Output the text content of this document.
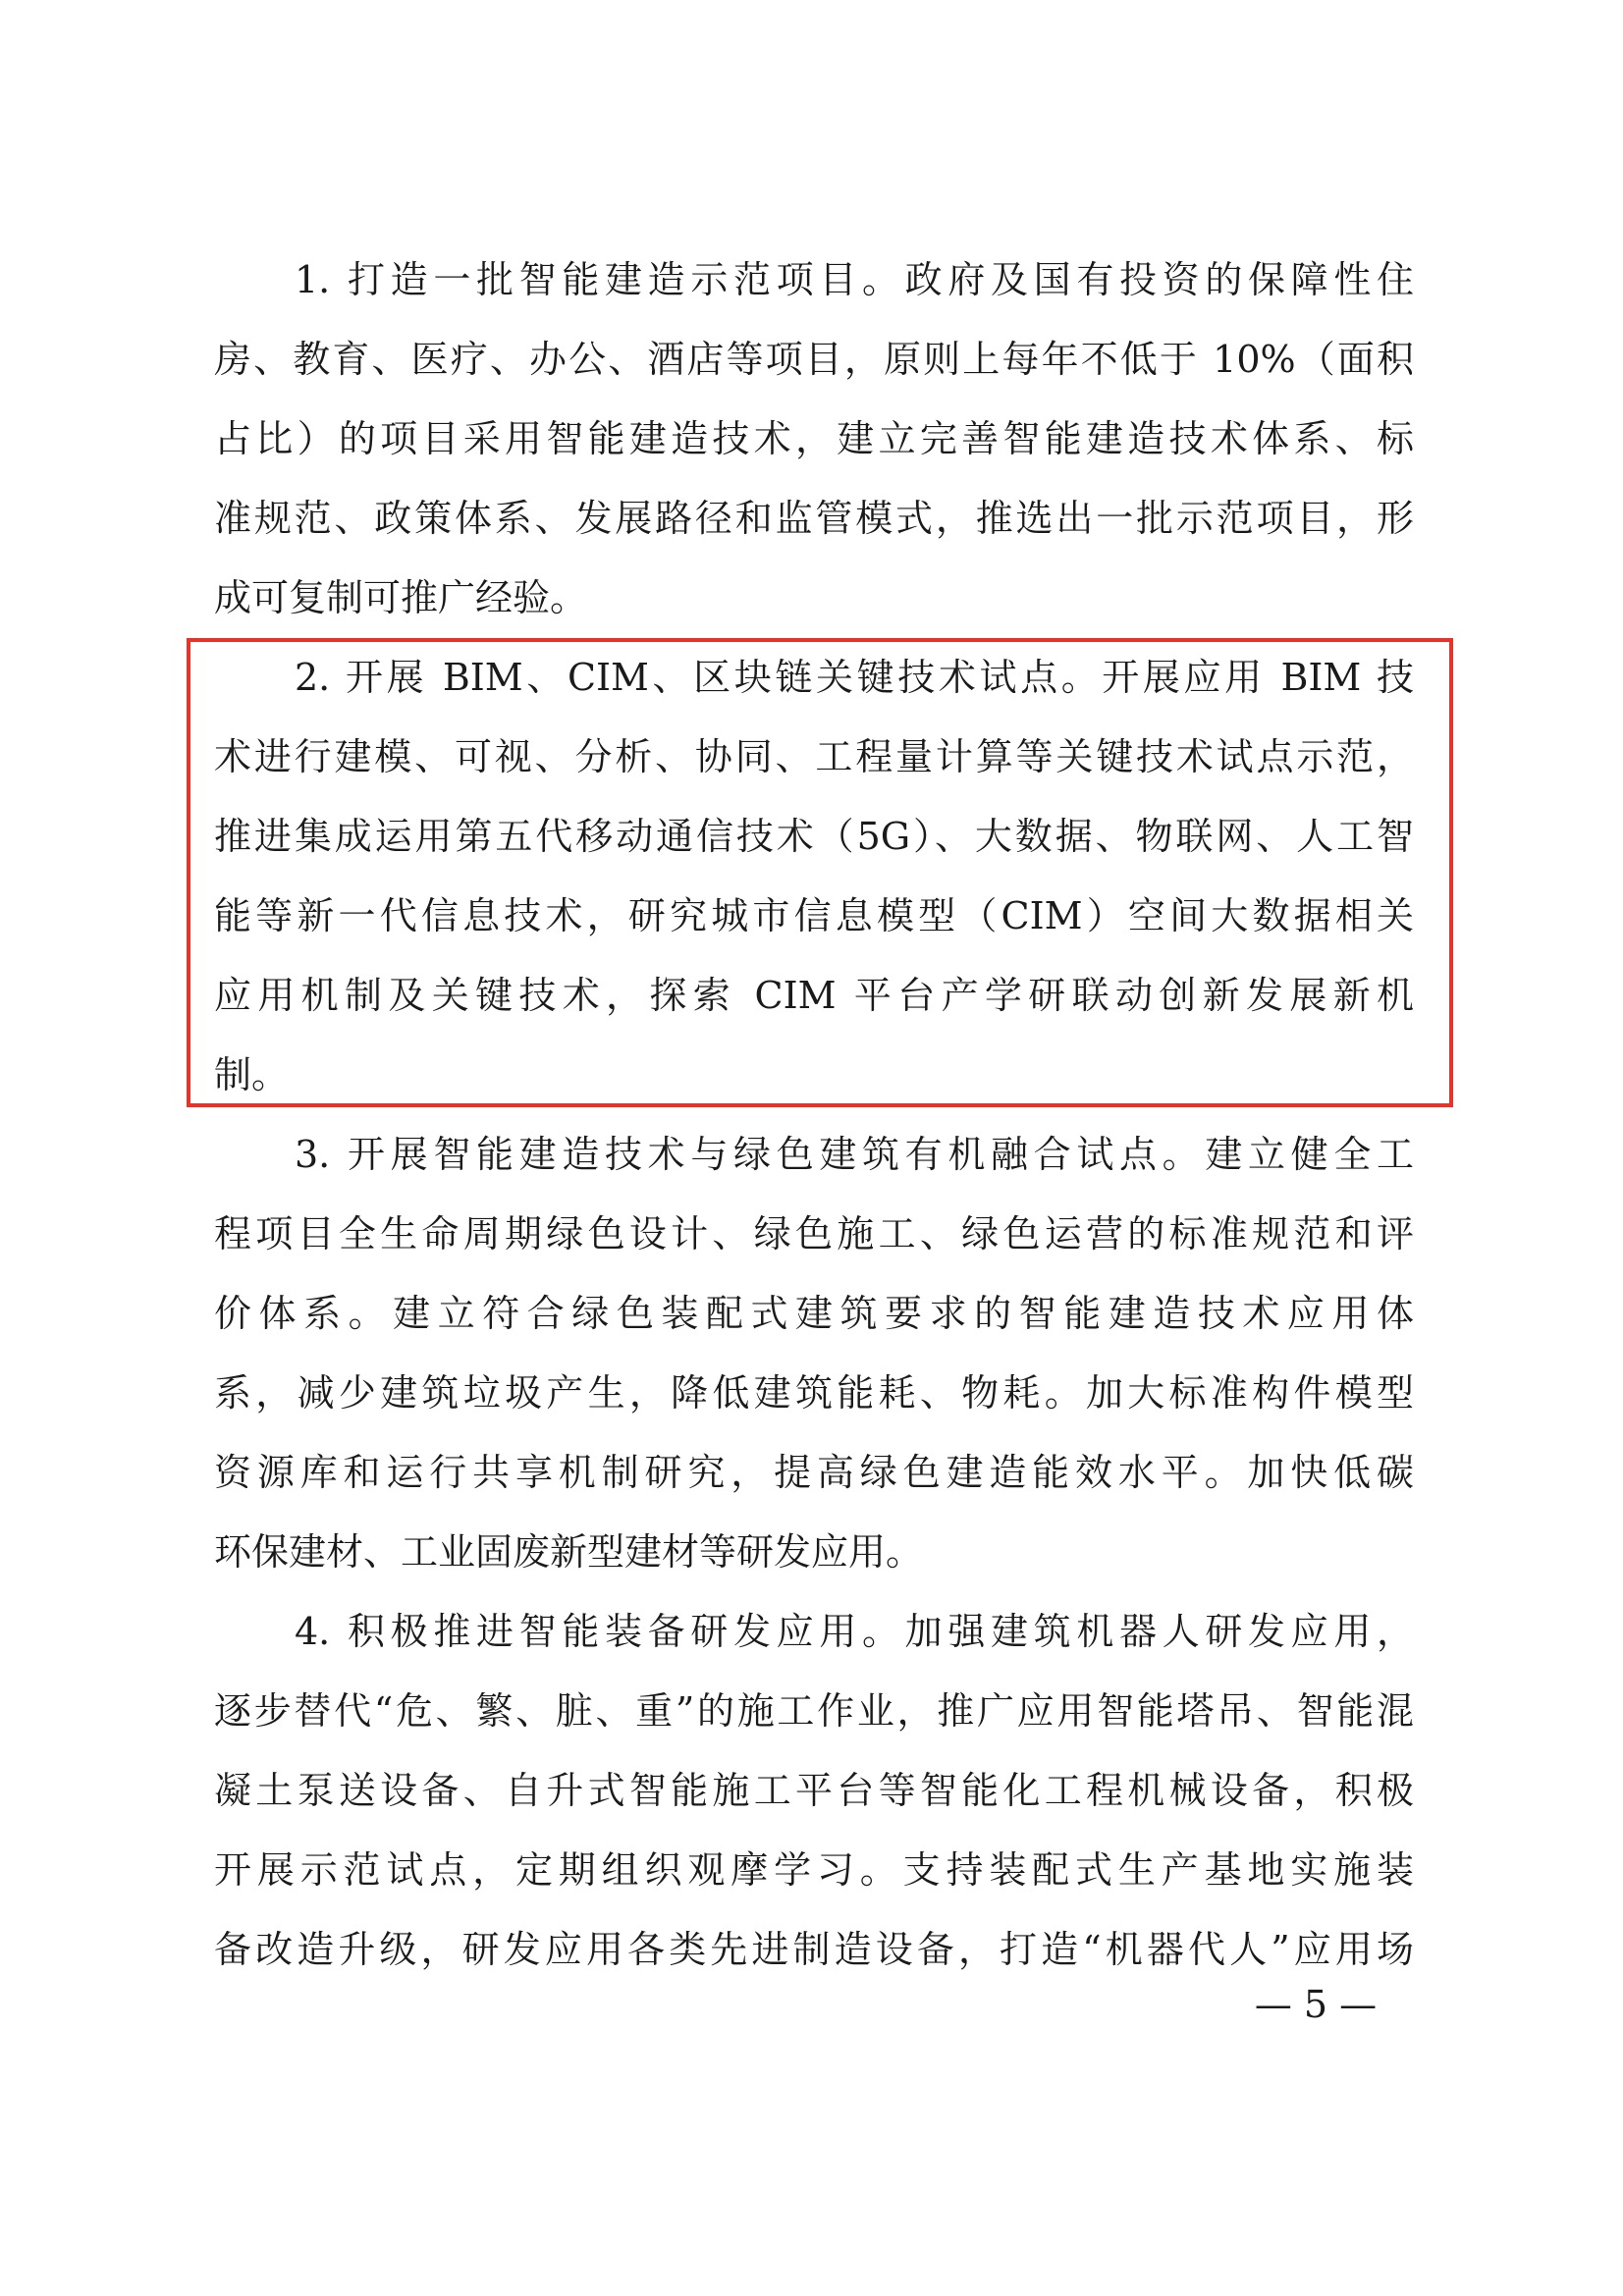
1. 打造一批智能建造示范项目。政府及国有投资的保障性住
房、教育、医疗、办公、酒店等项目，原则上每年不低于 10%（面积
占比）的项目采用智能建造技术，建立完善智能建造技术体系、标
准规范、政策体系、发展路径和监管模式，推选出一批示范项目，形
成可复制可推广经验。
2. 开展 BIM、CIM、区块链关键技术试点。开展应用 BIM 技
术进行建模、可视、分析、协同、工程量计算等关键技术试点示范，
推进集成运用第五代移动通信技术（5G）、大数据、物联网、人工智
能等新一代信息技术，研究城市信息模型（CIM）空间大数据相关
应用机制及关键技术，探索 CIM 平台产学研联动创新发展新机
制。
3. 开展智能建造技术与绿色建筑有机融合试点。建立健全工
程项目全生命周期绿色设计、绿色施工、绿色运营的标准规范和评
价体系。建立符合绿色装配式建筑要求的智能建造技术应用体
系，减少建筑垃圾产生，降低建筑能耗、物耗。加大标准构件模型
资源库和运行共享机制研究，提高绿色建造能效水平。加快低碳
环保建材、工业固废新型建材等研发应用。
4. 积极推进智能装备研发应用。加强建筑机器人研发应用，
逐步替代“危、繁、脏、重”的施工作业，推广应用智能塔吊、智能混
凝土泵送设备、自升式智能施工平台等智能化工程机械设备，积极
开展示范试点，定期组织观摩学习。支持装配式生产基地实施装
备改造升级，研发应用各类先进制造设备，打造“机器代人”应用场
— 5 —
